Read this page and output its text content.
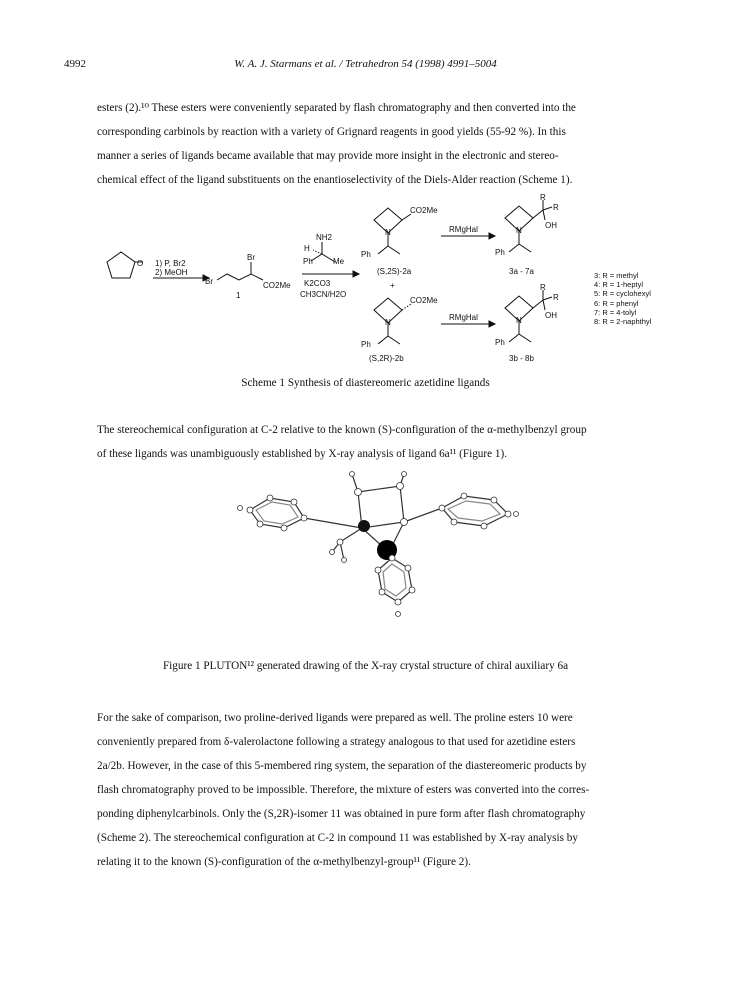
4992	W. A. J. Starmans et al. / Tetrahedron 54 (1998) 4991–5004
esters (2).¹⁰ These esters were conveniently separated by flash chromatography and then converted into the
corresponding carbinols by reaction with a variety of Grignard reagents in good yields (55-92 %). In this
manner a series of ligands became available that may provide more insight in the electronic and stereo-
chemical effect of the ligand substituents on the enantioselectivity of the Diels-Alder reaction (Scheme 1).
O 1) P, Br2
2) MeOH
Br
Br
CO2Me
1
NH2
H
Ph	Me
K2CO3
CH3CN/H2O
CO2Me
N
Ph
(S,2S)-2a
+
RMgHal
R
R
OH
N
Ph
3a - 7a
CO2Me
N
Ph
(S,2R)-2b
RMgHal
R
R
OH
N
Ph
3b - 8b
3: R = methyl
4: R = 1-heptyl
5: R = cyclohexyl
6: R = phenyl
7: R = 4-tolyl
8: R = 2-naphthyl
Scheme 1 Synthesis of diastereomeric azetidine ligands
The stereochemical configuration at C-2 relative to the known (S)-configuration of the α-methylbenzyl group
of these ligands was unambiguously established by X-ray analysis of ligand 6a¹¹ (Figure 1).
Figure 1 PLUTON¹² generated drawing of the X-ray crystal structure of chiral auxiliary 6a
For the sake of comparison, two proline-derived ligands were prepared as well. The proline esters 10 were
conveniently prepared from δ-valerolactone following a strategy analogous to that used for azetidine esters
2a/2b. However, in the case of this 5-membered ring system, the separation of the diastereomeric products by
flash chromatography proved to be impossible. Therefore, the mixture of esters was converted into the corres-
ponding diphenylcarbinols. Only the (S,2R)-isomer 11 was obtained in pure form after flash chromatography
(Scheme 2). The stereochemical configuration at C-2 in compound 11 was established by X-ray analysis by
relating it to the known (S)-configuration of the α-methylbenzyl-group¹¹ (Figure 2).
